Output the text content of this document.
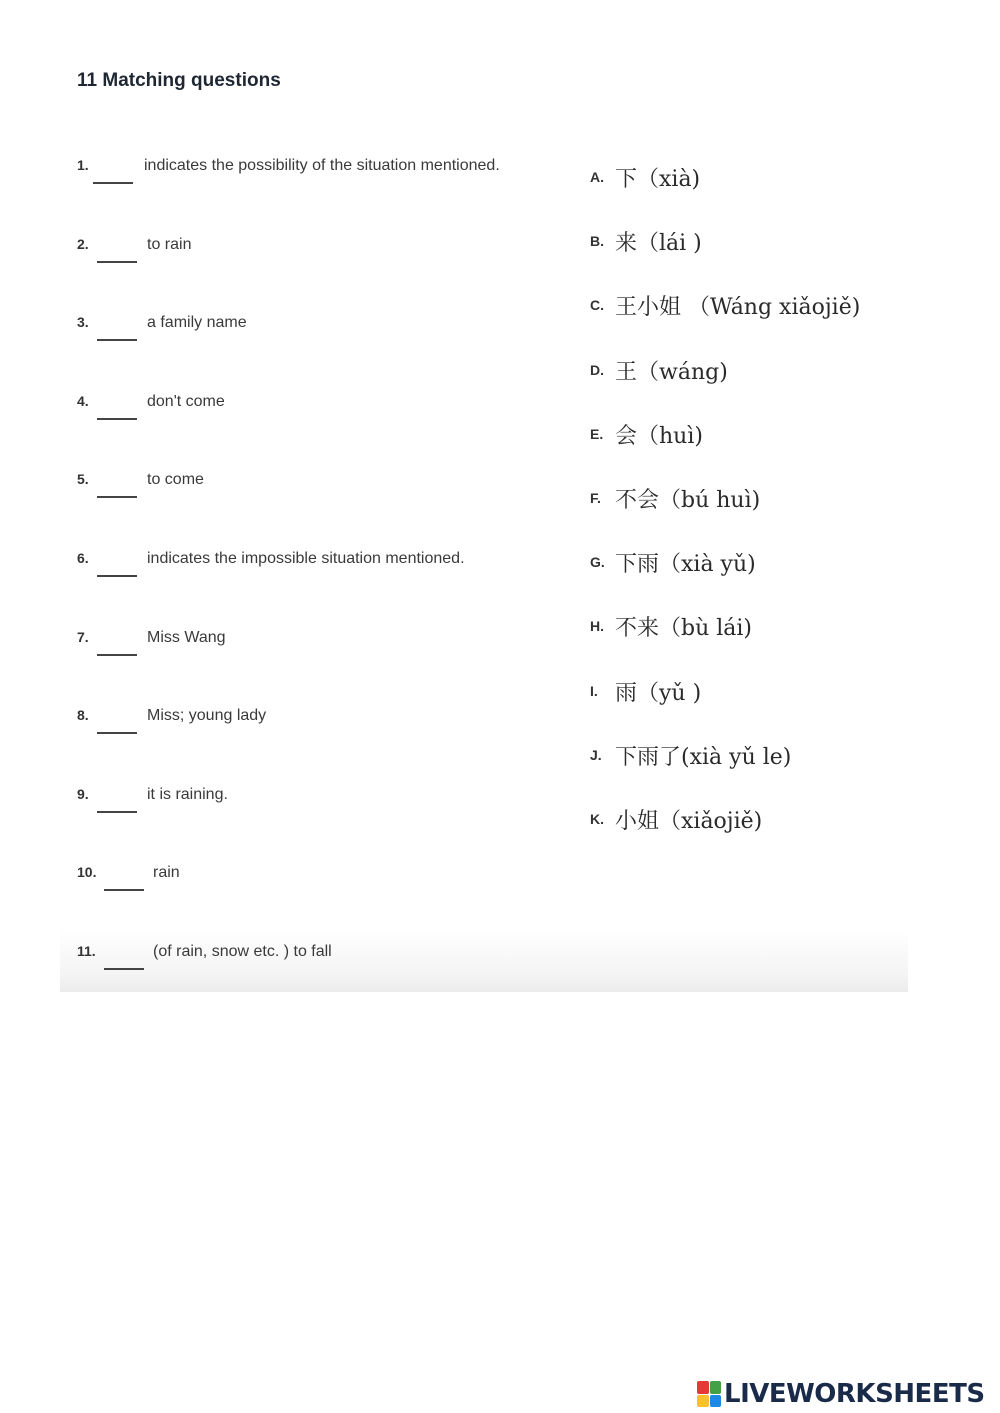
11 Matching questions
1.	indicates the possibility of the situation mentioned.
2.	to rain
3.	a family name
4.	don't come
5.	to come
6.	indicates the impossible situation mentioned.
7.	Miss Wang
8.	Miss; young lady
9.	it is raining.
10.	rain
11.	(of rain, snow etc. ) to fall
A. 下（xià)
B. 来（lái )
C. 王小姐 （Wáng xiǎojiě)
D. 王（wáng)
E. 会（huì)
F. 不会（bú huì)
G. 下雨（xià yǔ)
H. 不来（bù lái)
I. 雨（yǔ )
J. 下雨了(xià yǔ le)
K. 小姐（xiǎojiě)
LIVEWORKSHEETS
